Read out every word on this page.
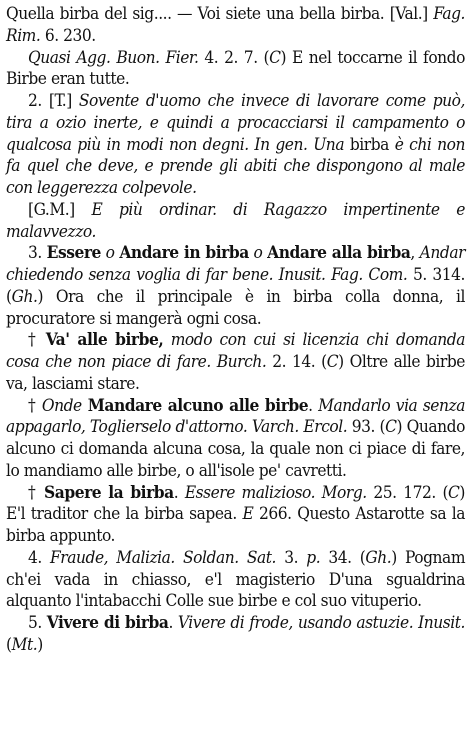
Quella birba del sig.... — Voi siete una bella birba. [Val.] Fag. Rim. 6. 230.

Quasi Agg. Buon. Fier. 4. 2. 7. (C) E nel toccarne il fondo Birbe eran tutte.

2. [T.] Sovente d'uomo che invece di lavorare come può, tira a ozio inerte, e quindi a procacciarsi il campamento o qualcosa più in modi non degni. In gen. Una birba è chi non fa quel che deve, e prende gli abiti che dispongono al male con leggerezza colpevole.

[G.M.] E più ordinar. di Ragazzo impertinente e malavvezzo.

3. Essere o Andare in birba o Andare alla birba, Andar chiedendo senza voglia di far bene. Inusit. Fag. Com. 5. 314. (Gh.) Ora che il principale è in birba colla donna, il procuratore si mangerà ogni cosa.

† Va' alle birbe, modo con cui si licenzia chi domanda cosa che non piace di fare. Burch. 2. 14. (C) Oltre alle birbe va, lasciami stare.

† Onde Mandare alcuno alle birbe. Mandarlo via senza appagarlo, Toglierselo d'attorno. Varch. Ercol. 93. (C) Quando alcuno ci domanda alcuna cosa, la quale non ci piace di fare, lo mandiamo alle birbe, o all'isole pe' cavretti.

† Sapere la birba. Essere malizioso. Morg. 25. 172. (C) E'l traditor che la birba sapea. E 266. Questo Astarotte sa la birba appunto.

4. Fraude, Malizia. Soldan. Sat. 3. p. 34. (Gh.) Pognam ch'ei vada in chiasso, e'l magisterio D'una sgualdrina alquanto l'intabacchi Colle sue birbe e col suo vituperio.

5. Vivere di birba. Vivere di frode, usando astuzie. Inusit. (Mt.)
